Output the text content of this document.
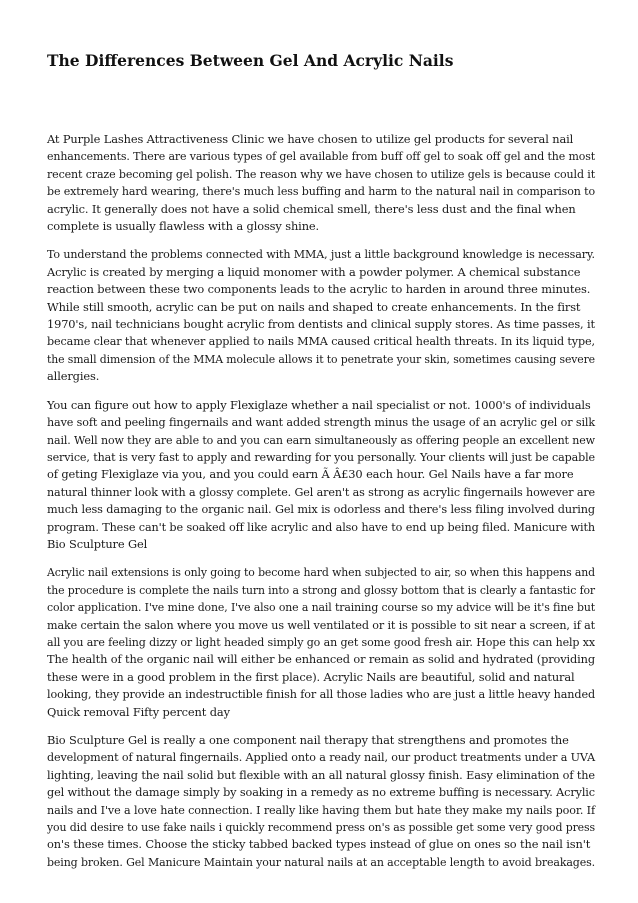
The Differences Between Gel And Acrylic Nails

At Purple Lashes Attractiveness Clinic we have chosen to utilize gel products for several nail
enhancements. There are various types of gel available from buff off gel to soak off gel and the most
recent craze becoming gel polish. The reason why we have chosen to utilize gels is because could it
be extremely hard wearing, there's much less buffing and harm to the natural nail in comparison to
acrylic. It generally does not have a solid chemical smell, there's less dust and the final when
complete is usually flawless with a glossy shine.

To understand the problems connected with MMA, just a little background knowledge is necessary.
Acrylic is created by merging a liquid monomer with a powder polymer. A chemical substance
reaction between these two components leads to the acrylic to harden in around three minutes.
While still smooth, acrylic can be put on nails and shaped to create enhancements. In the first
1970's, nail technicians bought acrylic from dentists and clinical supply stores. As time passes, it
became clear that whenever applied to nails MMA caused critical health threats. In its liquid type,
the small dimension of the MMA molecule allows it to penetrate your skin, sometimes causing severe
allergies.

You can figure out how to apply Flexiglaze whether a nail specialist or not. 1000's of individuals
have soft and peeling fingernails and want added strength minus the usage of an acrylic gel or silk
nail. Well now they are able to and you can earn simultaneously as offering people an excellent new
service, that is very fast to apply and rewarding for you personally. Your clients will just be capable
of geting Flexiglaze via you, and you could earn Ã Â£30 each hour. Gel Nails have a far more
natural thinner look with a glossy complete. Gel aren't as strong as acrylic fingernails however are
much less damaging to the organic nail. Gel mix is odorless and there's less filing involved during
program. These can't be soaked off like acrylic and also have to end up being filed. Manicure with
Bio Sculpture Gel

Acrylic nail extensions is only going to become hard when subjected to air, so when this happens and
the procedure is complete the nails turn into a strong and glossy bottom that is clearly a fantastic for
color application. I've mine done, I've also one a nail training course so my advice will be it's fine but
make certain the salon where you move us well ventilated or it is possible to sit near a screen, if at
all you are feeling dizzy or light headed simply go an get some good fresh air. Hope this can help xx
The health of the organic nail will either be enhanced or remain as solid and hydrated (providing
these were in a good problem in the first place). Acrylic Nails are beautiful, solid and natural
looking, they provide an indestructible finish for all those ladies who are just a little heavy handed
Quick removal Fifty percent day

Bio Sculpture Gel is really a one component nail therapy that strengthens and promotes the
development of natural fingernails. Applied onto a ready nail, our product treatments under a UVA
lighting, leaving the nail solid but flexible with an all natural glossy finish. Easy elimination of the
gel without the damage simply by soaking in a remedy as no extreme buffing is necessary. Acrylic
nails and I've a love hate connection. I really like having them but hate they make my nails poor. If
you did desire to use fake nails i quickly recommend press on's as possible get some very good press
on's these times. Choose the sticky tabbed backed types instead of glue on ones so the nail isn't
being broken. Gel Manicure Maintain your natural nails at an acceptable length to avoid breakages.
